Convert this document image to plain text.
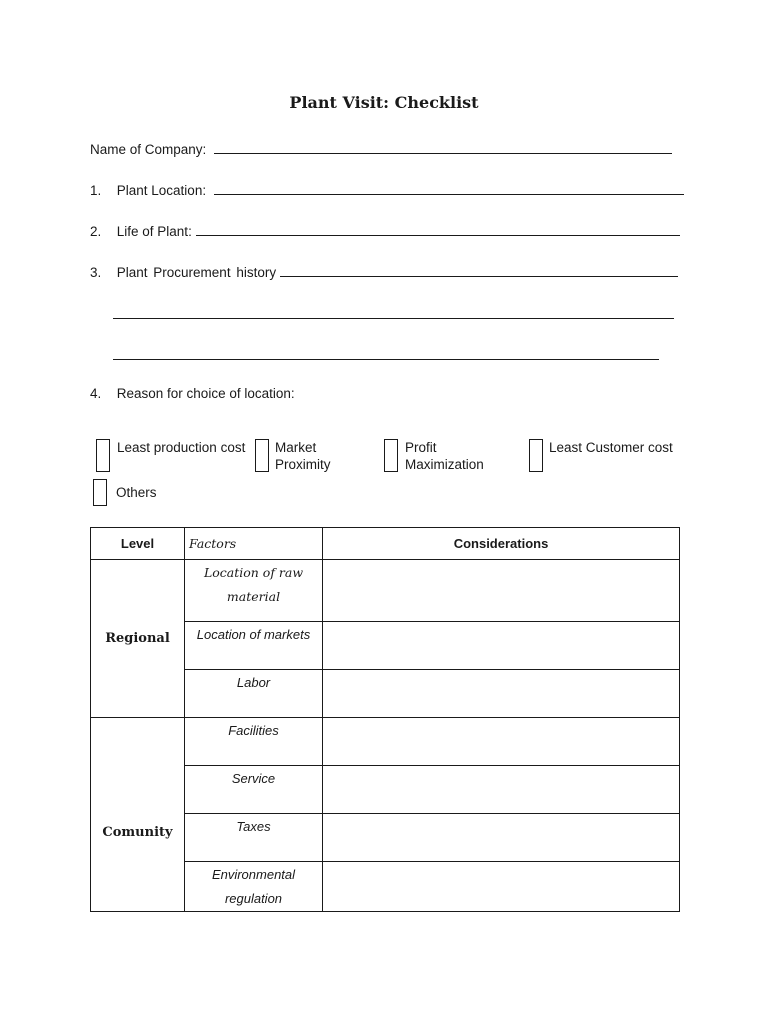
Plant Visit: Checklist
Name of Company:
1. Plant Location:
2. Life of Plant:
3. Plant Procurement history
4. Reason for choice of location:
Least production cost Market
Proximity
Profit
Maximization
Least Customer cost
Others
Level	Factors	Considerations
Regional	Location of raw material	
	Location of markets	
	Labor	
Comunity	Facilities	
	Service	
	Taxes	
	Environmental regulation	
